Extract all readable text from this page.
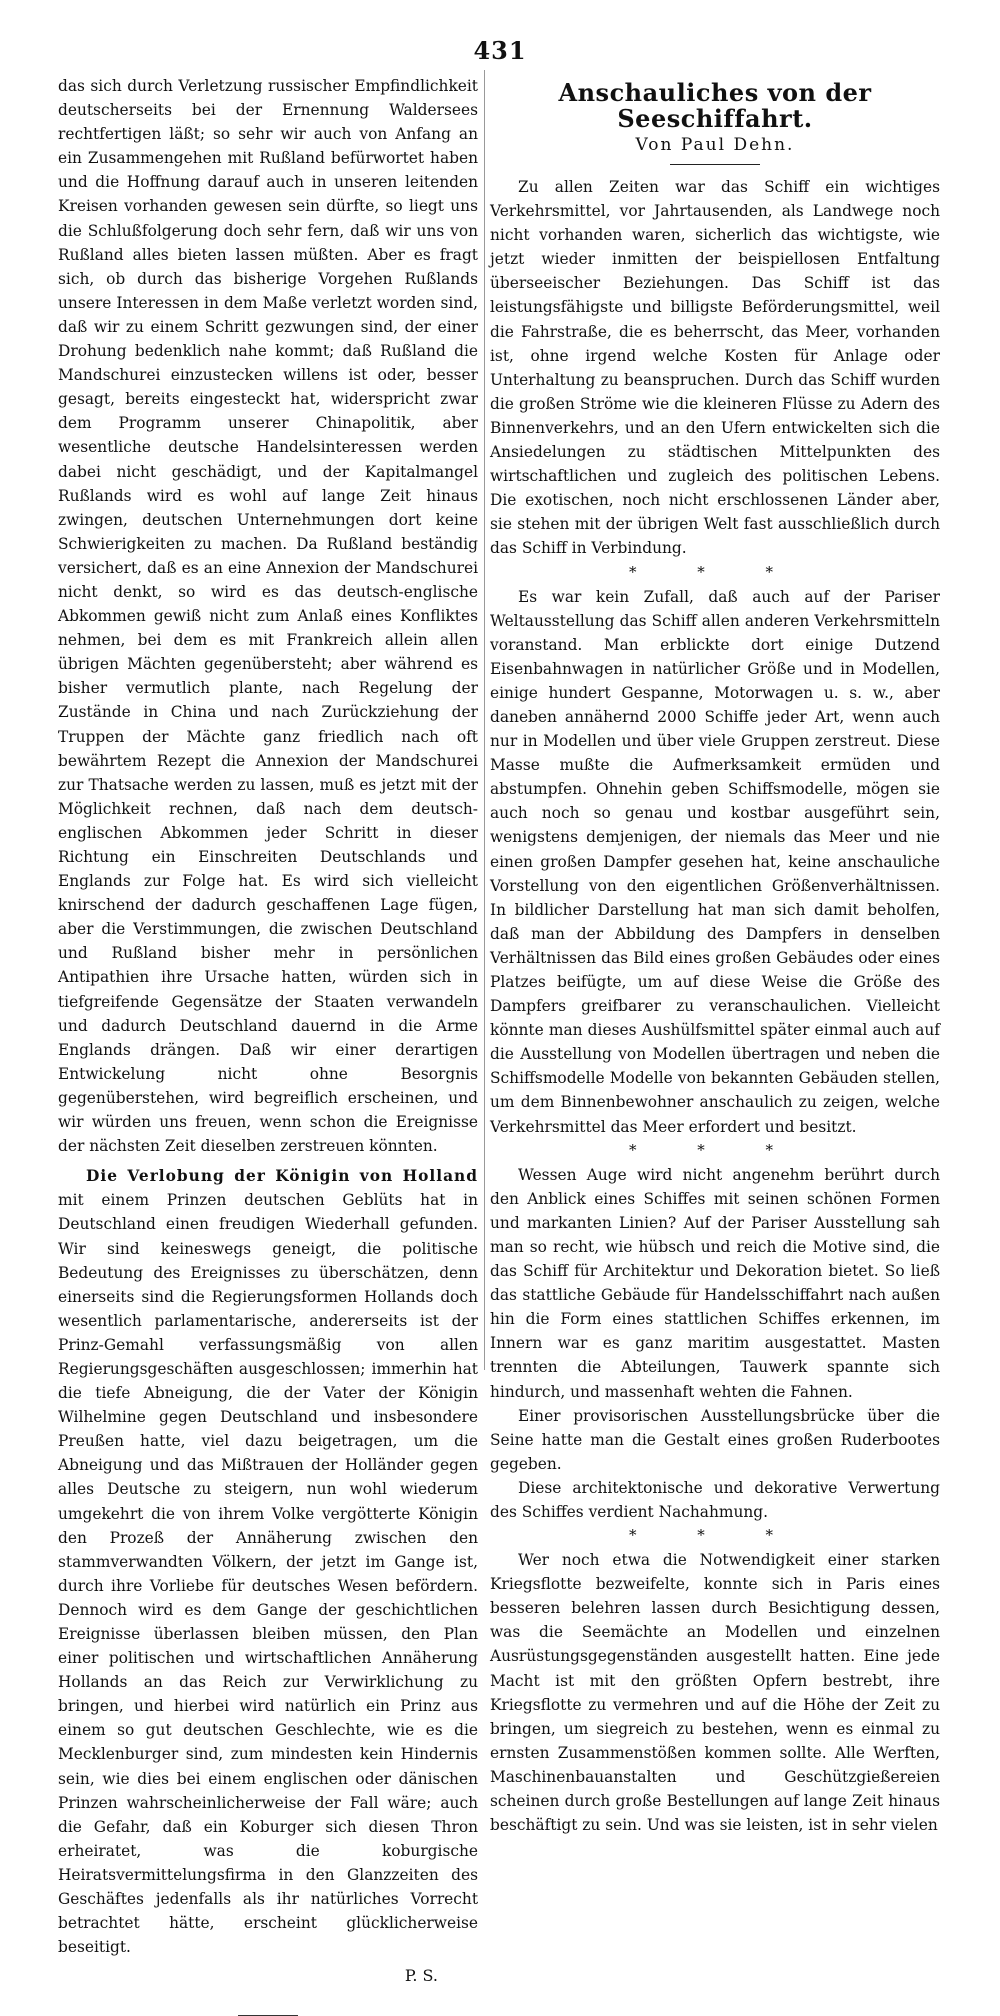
431

das sich durch Verletzung russischer Empfindlichkeit deutscherseits bei der Ernennung Waldersees rechtfertigen läßt; so sehr wir auch von Anfang an ein Zusammengehen mit Rußland befürwortet haben und die Hoffnung darauf auch in unseren leitenden Kreisen vorhanden gewesen sein dürfte, so liegt uns die Schlußfolgerung doch sehr fern, daß wir uns von Rußland alles bieten lassen müßten. Aber es fragt sich, ob durch das bisherige Vorgehen Rußlands unsere Interessen in dem Maße verletzt worden sind, daß wir zu einem Schritt gezwungen sind, der einer Drohung bedenklich nahe kommt; daß Rußland die Mandschurei einzustecken willens ist oder, besser gesagt, bereits eingesteckt hat, widerspricht zwar dem Programm unserer Chinapolitik, aber wesentliche deutsche Handelsinteressen werden dabei nicht geschädigt, und der Kapitalmangel Rußlands wird es wohl auf lange Zeit hinaus zwingen, deutschen Unternehmungen dort keine Schwierigkeiten zu machen. Da Rußland beständig versichert, daß es an eine Annexion der Mandschurei nicht denkt, so wird es das deutsch-englische Abkommen gewiß nicht zum Anlaß eines Konfliktes nehmen, bei dem es mit Frankreich allein allen übrigen Mächten gegenübersteht; aber während es bisher vermutlich plante, nach Regelung der Zustände in China und nach Zurückziehung der Truppen der Mächte ganz friedlich nach oft bewährtem Rezept die Annexion der Mandschurei zur Thatsache werden zu lassen, muß es jetzt mit der Möglichkeit rechnen, daß nach dem deutsch-englischen Abkommen jeder Schritt in dieser Richtung ein Einschreiten Deutschlands und Englands zur Folge hat. Es wird sich vielleicht knirschend der dadurch geschaffenen Lage fügen, aber die Verstimmungen, die zwischen Deutschland und Rußland bisher mehr in persönlichen Antipathien ihre Ursache hatten, würden sich in tiefgreifende Gegensätze der Staaten verwandeln und dadurch Deutschland dauernd in die Arme Englands drängen. Daß wir einer derartigen Entwickelung nicht ohne Besorgnis gegenüberstehen, wird begreiflich erscheinen, und wir würden uns freuen, wenn schon die Ereignisse der nächsten Zeit dieselben zerstreuen könnten.

Die Verlobung der Königin von Holland mit einem Prinzen deutschen Geblüts hat in Deutschland einen freudigen Wiederhall gefunden. Wir sind keineswegs geneigt, die politische Bedeutung des Ereignisses zu überschätzen, denn einerseits sind die Regierungsformen Hollands doch wesentlich parlamentarische, andererseits ist der Prinz-Gemahl verfassungsmäßig von allen Regierungsgeschäften ausgeschlossen; immerhin hat die tiefe Abneigung, die der Vater der Königin Wilhelmine gegen Deutschland und insbesondere Preußen hatte, viel dazu beigetragen, um die Abneigung und das Mißtrauen der Holländer gegen alles Deutsche zu steigern, nun wohl wiederum umgekehrt die von ihrem Volke vergötterte Königin den Prozeß der Annäherung zwischen den stammverwandten Völkern, der jetzt im Gange ist, durch ihre Vorliebe für deutsches Wesen befördern. Dennoch wird es dem Gange der geschichtlichen Ereignisse überlassen bleiben müssen, den Plan einer politischen und wirtschaftlichen Annäherung Hollands an das Reich zur Verwirklichung zu bringen, und hierbei wird natürlich ein Prinz aus einem so gut deutschen Geschlechte, wie es die Mecklenburger sind, zum mindesten kein Hindernis sein, wie dies bei einem englischen oder dänischen Prinzen wahrscheinlicherweise der Fall wäre; auch die Gefahr, daß ein Koburger sich diesen Thron erheiratet, was die koburgische Heiratsvermittelungsfirma in den Glanzzeiten des Geschäftes jedenfalls als ihr natürliches Vorrecht betrachtet hätte, erscheint glücklicherweise beseitigt.

P. S.
Anschauliches von der Seeschiffahrt.
Von Paul Dehn.

Zu allen Zeiten war das Schiff ein wichtiges Verkehrsmittel, vor Jahrtausenden, als Landwege noch nicht vorhanden waren, sicherlich das wichtigste, wie jetzt wieder inmitten der beispiellosen Entfaltung überseeischer Beziehungen. Das Schiff ist das leistungsfähigste und billigste Beförderungsmittel, weil die Fahrstraße, die es beherrscht, das Meer, vorhanden ist, ohne irgend welche Kosten für Anlage oder Unterhaltung zu beanspruchen. Durch das Schiff wurden die großen Ströme wie die kleineren Flüsse zu Adern des Binnenverkehrs, und an den Ufern entwickelten sich die Ansiedelungen zu städtischen Mittelpunkten des wirtschaftlichen und zugleich des politischen Lebens. Die exotischen, noch nicht erschlossenen Länder aber, sie stehen mit der übrigen Welt fast ausschließlich durch das Schiff in Verbindung.

* * *

Es war kein Zufall, daß auch auf der Pariser Weltausstellung das Schiff allen anderen Verkehrsmitteln voranstand. Man erblickte dort einige Dutzend Eisenbahnwagen in natürlicher Größe und in Modellen, einige hundert Gespanne, Motorwagen u. s. w., aber daneben annähernd 2000 Schiffe jeder Art, wenn auch nur in Modellen und über viele Gruppen zerstreut. Diese Masse mußte die Aufmerksamkeit ermüden und abstumpfen. Ohnehin geben Schiffsmodelle, mögen sie auch noch so genau und kostbar ausgeführt sein, wenigstens demjenigen, der niemals das Meer und nie einen großen Dampfer gesehen hat, keine anschauliche Vorstellung von den eigentlichen Größenverhältnissen. In bildlicher Darstellung hat man sich damit beholfen, daß man der Abbildung des Dampfers in denselben Verhältnissen das Bild eines großen Gebäudes oder eines Platzes beifügte, um auf diese Weise die Größe des Dampfers greifbarer zu veranschaulichen. Vielleicht könnte man dieses Aushülfsmittel später einmal auch auf die Ausstellung von Modellen übertragen und neben die Schiffsmodelle Modelle von bekannten Gebäuden stellen, um dem Binnenbewohner anschaulich zu zeigen, welche Verkehrsmittel das Meer erfordert und besitzt.

* * *

Wessen Auge wird nicht angenehm berührt durch den Anblick eines Schiffes mit seinen schönen Formen und markanten Linien? Auf der Pariser Ausstellung sah man so recht, wie hübsch und reich die Motive sind, die das Schiff für Architektur und Dekoration bietet. So ließ das stattliche Gebäude für Handelsschiffahrt nach außen hin die Form eines stattlichen Schiffes erkennen, im Innern war es ganz maritim ausgestattet. Masten trennten die Abteilungen, Tauwerk spannte sich hindurch, und massenhaft wehten die Fahnen.

Einer provisorischen Ausstellungsbrücke über die Seine hatte man die Gestalt eines großen Ruderbootes gegeben.

Diese architektonische und dekorative Verwertung des Schiffes verdient Nachahmung.

* * *

Wer noch etwa die Notwendigkeit einer starken Kriegsflotte bezweifelte, konnte sich in Paris eines besseren belehren lassen durch Besichtigung dessen, was die Seemächte an Modellen und einzelnen Ausrüstungsgegenständen ausgestellt hatten. Eine jede Macht ist mit den größten Opfern bestrebt, ihre Kriegsflotte zu vermehren und auf die Höhe der Zeit zu bringen, um siegreich zu bestehen, wenn es einmal zu ernsten Zusammenstößen kommen sollte. Alle Werften, Maschinenbauanstalten und Geschützgießereien scheinen durch große Bestellungen auf lange Zeit hinaus beschäftigt zu sein. Und was sie leisten, ist in sehr vielen
